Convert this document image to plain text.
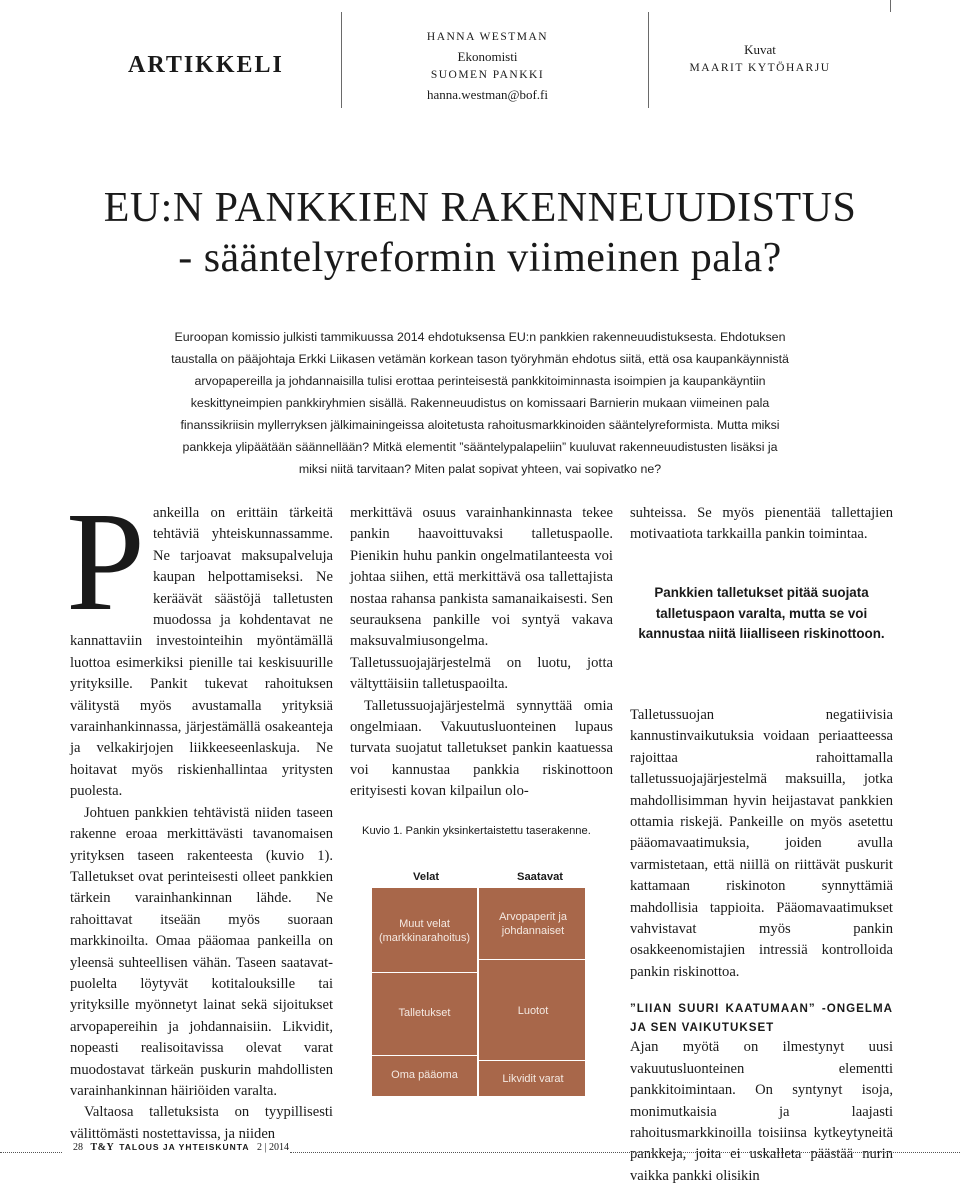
ARTIKKELI
HANNA WESTMAN
Ekonomisti
SUOMEN PANKKI
hanna.westman@bof.fi
Kuvat
MAARIT KYTÖHARJU
EU:N PANKKIEN RAKENNEUUDISTUS
- sääntelyreformin viimeinen pala?
Euroopan komissio julkisti tammikuussa 2014 ehdotuksensa EU:n pankkien rakenneuudistuksesta. Ehdotuksen taustalla on pääjohtaja Erkki Liikasen vetämän korkean tason työryhmän ehdotus siitä, että osa kaupankäynnistä arvopapereilla ja johdannaisilla tulisi erottaa perinteisestä pankkitoiminnasta isoimpien ja kaupankäyntiin keskittyneimpien pankkiryhmien sisällä. Rakenneuudistus on komissaari Barnierin mukaan viimeinen pala finanssikriisin myllerryksen jälkimainingeissa aloitetusta rahoitusmarkkinoiden sääntelyreformista. Mutta miksi pankkeja ylipäätään säännellään? Mitkä elementit ”sääntelypalapeliin” kuuluvat rakenneuudistusten lisäksi ja miksi niitä tarvitaan? Miten palat sopivat yhteen, vai sopivatko ne?

Pankeilla on erittäin tärkeitä tehtäviä yhteiskunnassamme. Ne tarjoavat maksupalveluja kaupan helpottamiseksi. Ne keräävät säästöjä talletusten muodossa ja kohdentavat ne kannattaviin investointeihin myöntämällä luottoa esimerkiksi pienille tai keskisuurille yrityksille. Pankit tukevat rahoituksen välitystä myös avustamalla yrityksiä varainhankinnassa, järjestämällä osakeanteja ja velkakirjojen liikkeeseenlaskuja. Ne hoitavat myös riskienhallintaa yritysten puolesta.

Johtuen pankkien tehtävistä niiden taseen rakenne eroaa merkittävästi tavanomaisen yrityksen taseen rakenteesta (kuvio 1). Talletukset ovat perinteisesti olleet pankkien tärkein varainhankinnan lähde. Ne rahoittavat itseään myös suoraan markkinoilta. Omaa pääomaa pankeilla on yleensä suhteellisen vähän. Taseen saatavat-puolelta löytyvät kotitalouksille tai yrityksille myönnetyt lainat sekä sijoitukset arvopapereihin ja johdannaisiin. Likvidit, nopeasti realisoitavissa olevat varat muodostavat tärkeän puskurin mahdollisten varainhankinnan häiriöiden varalta.

Valtaosa talletuksista on tyypillisesti välittömästi nostettavissa, ja niiden

merkittävä osuus varainhankinnasta tekee pankin haavoittuvaksi talletuspaolle. Pienikin huhu pankin ongelmatilanteesta voi johtaa siihen, että merkittävä osa tallettajista nostaa rahansa pankista samanaikaisesti. Sen seurauksena pankille voi syntyä vakava maksuvalmiusongelma. Talletussuojajärjestelmä on luotu, jotta vältyttäisiin talletuspaoilta.

Talletussuojajärjestelmä synnyttää omia ongelmiaan. Vakuutusluonteinen lupaus turvata suojatut talletukset pankin kaatuessa voi kannustaa pankkia riskinottoon erityisesti kovan kilpailun olo-

Kuvio 1. Pankin yksinkertaistettu taserakenne.
Velat	Saatavat
Muut velat (markkinarahoitus)
Talletukset
Oma pääoma
Arvopaperit ja johdannaiset
Luotot
Likvidit varat

suhteissa. Se myös pienentää tallettajien motivaatiota tarkkailla pankin toimintaa.

Pankkien talletukset pitää suojata talletuspaon varalta, mutta se voi kannustaa niitä liialliseen riskinottoon.

Talletussuojan negatiivisia kannustinvaikutuksia voidaan periaatteessa rajoittaa rahoittamalla talletussuojajärjestelmä maksuilla, jotka mahdollisimman hyvin heijastavat pankkien ottamia riskejä. Pankeille on myös asetettu pääomavaatimuksia, joiden avulla varmistetaan, että niillä on riittävät puskurit kattamaan riskinoton synnyttämiä mahdollisia tappioita. Pääomavaatimukset vahvistavat myös pankin osakkeenomistajien intressiä kontrolloida pankin riskinottoa.

”LIIAN SUURI KAATUMAAN” -ONGELMA JA SEN VAIKUTUKSET

Ajan myötä on ilmestynyt uusi vakuutusluonteinen elementti pankkitoimintaan. On syntynyt isoja, monimutkaisia ja laajasti rahoitusmarkkinoilla toisiinsa kytkeytyneitä pankkeja, joita ei uskalleta päästää nurin vaikka pankki olisikin

28 T&Y TALOUS JA YHTEISKUNTA 2 | 2014
